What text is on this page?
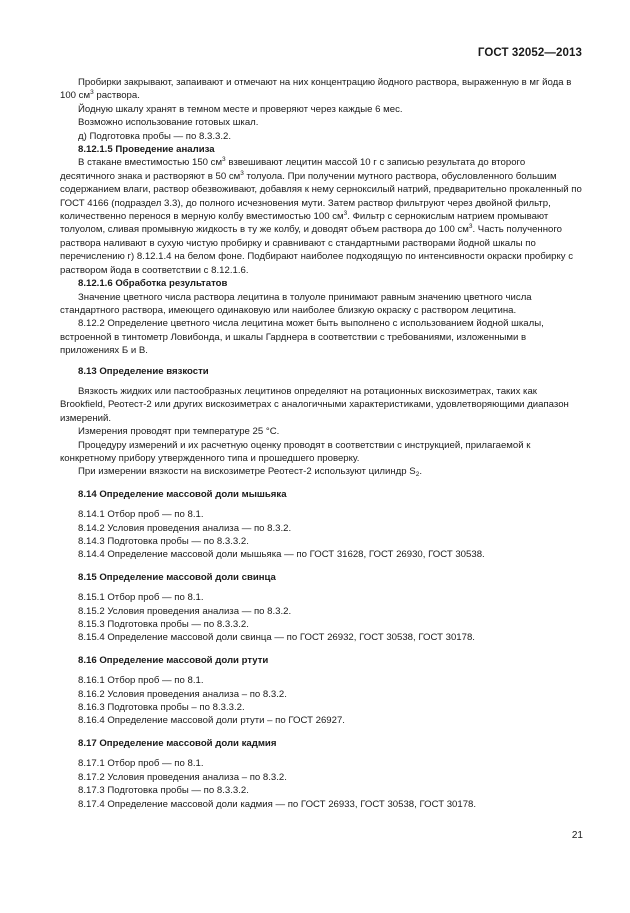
ГОСТ 32052—2013

Пробирки закрывают, запаивают и отмечают на них концентрацию йодного раствора, выраженную в мг йода в 100 $см^3$ раствора.

Йодную шкалу хранят в темном месте и проверяют через каждые 6 мес.

Возможно использование готовых шкал.

д) Подготовка пробы — по 8.3.3.2.

8.12.1.5 Проведение анализа

В стакане вместимостью 150 $см^3$ взвешивают лецитин массой 10 г с записью результата до второго десятичного знака и растворяют в 50 $см^3$ толуола. При получении мутного раствора, обусловленного большим содержанием влаги, раствор обезвоживают, добавляя к нему серноксилый натрий, предварительно прокаленный по ГОСТ 4166 (подраздел 3.3), до полного исчезновения мути. Затем раствор фильтруют через двойной фильтр, количественно перенося в мерную колбу вместимостью 100 $см^3$. Фильтр с сернокислым натрием промывают толуолом, сливая промывную жидкость в ту же колбу, и доводят объем раствора до 100 $см^3$. Часть полученного раствора наливают в сухую чистую пробирку и сравнивают с стандартными растворами йодной шкалы по перечислению г) 8.12.1.4 на белом фоне. Подбирают наиболее подходящую по интенсивности окраски пробирку с раствором йода в соответствии с 8.12.1.6.

8.12.1.6 Обработка результатов

Значение цветного числа раствора лецитина в толуоле принимают равным значению цветного числа стандартного раствора, имеющего одинаковую или наиболее близкую окраску с раствором лецитина.

8.12.2 Определение цветного числа лецитина может быть выполнено с использованием йодной шкалы, встроенной в тинтометр Ловибонда, и шкалы Гарднера в соответствии с требованиями, изложенными в приложениях Б и В.

8.13 Определение вязкости

Вязкость жидких или пастообразных лецитинов определяют на ротационных вискозиметрах, таких как Brookfield, Реотест-2 или других вискозиметрах с аналогичными характеристиками, удовлетворяющими диапазон измерений.

Измерения проводят при температуре 25 °С.

Процедуру измерений и их расчетную оценку проводят в соответствии с инструкцией, прилагаемой к конкретному прибору утвержденного типа и прошедшего проверку.

При измерении вязкости на вискозиметре Реотест-2 используют цилиндр $S_2$.

8.14 Определение массовой доли мышьяка

8.14.1 Отбор проб — по 8.1.

8.14.2 Условия проведения анализа — по 8.3.2.

8.14.3 Подготовка пробы — по 8.3.3.2.

8.14.4 Определение массовой доли мышьяка — по ГОСТ 31628, ГОСТ 26930, ГОСТ 30538.

8.15 Определение массовой доли свинца

8.15.1 Отбор проб — по 8.1.

8.15.2 Условия проведения анализа — по 8.3.2.

8.15.3 Подготовка пробы — по 8.3.3.2.

8.15.4 Определение массовой доли свинца — по ГОСТ 26932, ГОСТ 30538, ГОСТ 30178.

8.16 Определение массовой доли ртути

8.16.1 Отбор проб — по 8.1.

8.16.2 Условия проведения анализа – по 8.3.2.

8.16.3 Подготовка пробы – по 8.3.3.2.

8.16.4 Определение массовой доли ртути – по ГОСТ 26927.

8.17 Определение массовой доли кадмия

8.17.1 Отбор проб — по 8.1.

8.17.2 Условия проведения анализа – по 8.3.2.

8.17.3 Подготовка пробы — по 8.3.3.2.

8.17.4 Определение массовой доли кадмия — по ГОСТ 26933, ГОСТ 30538, ГОСТ 30178.

21
